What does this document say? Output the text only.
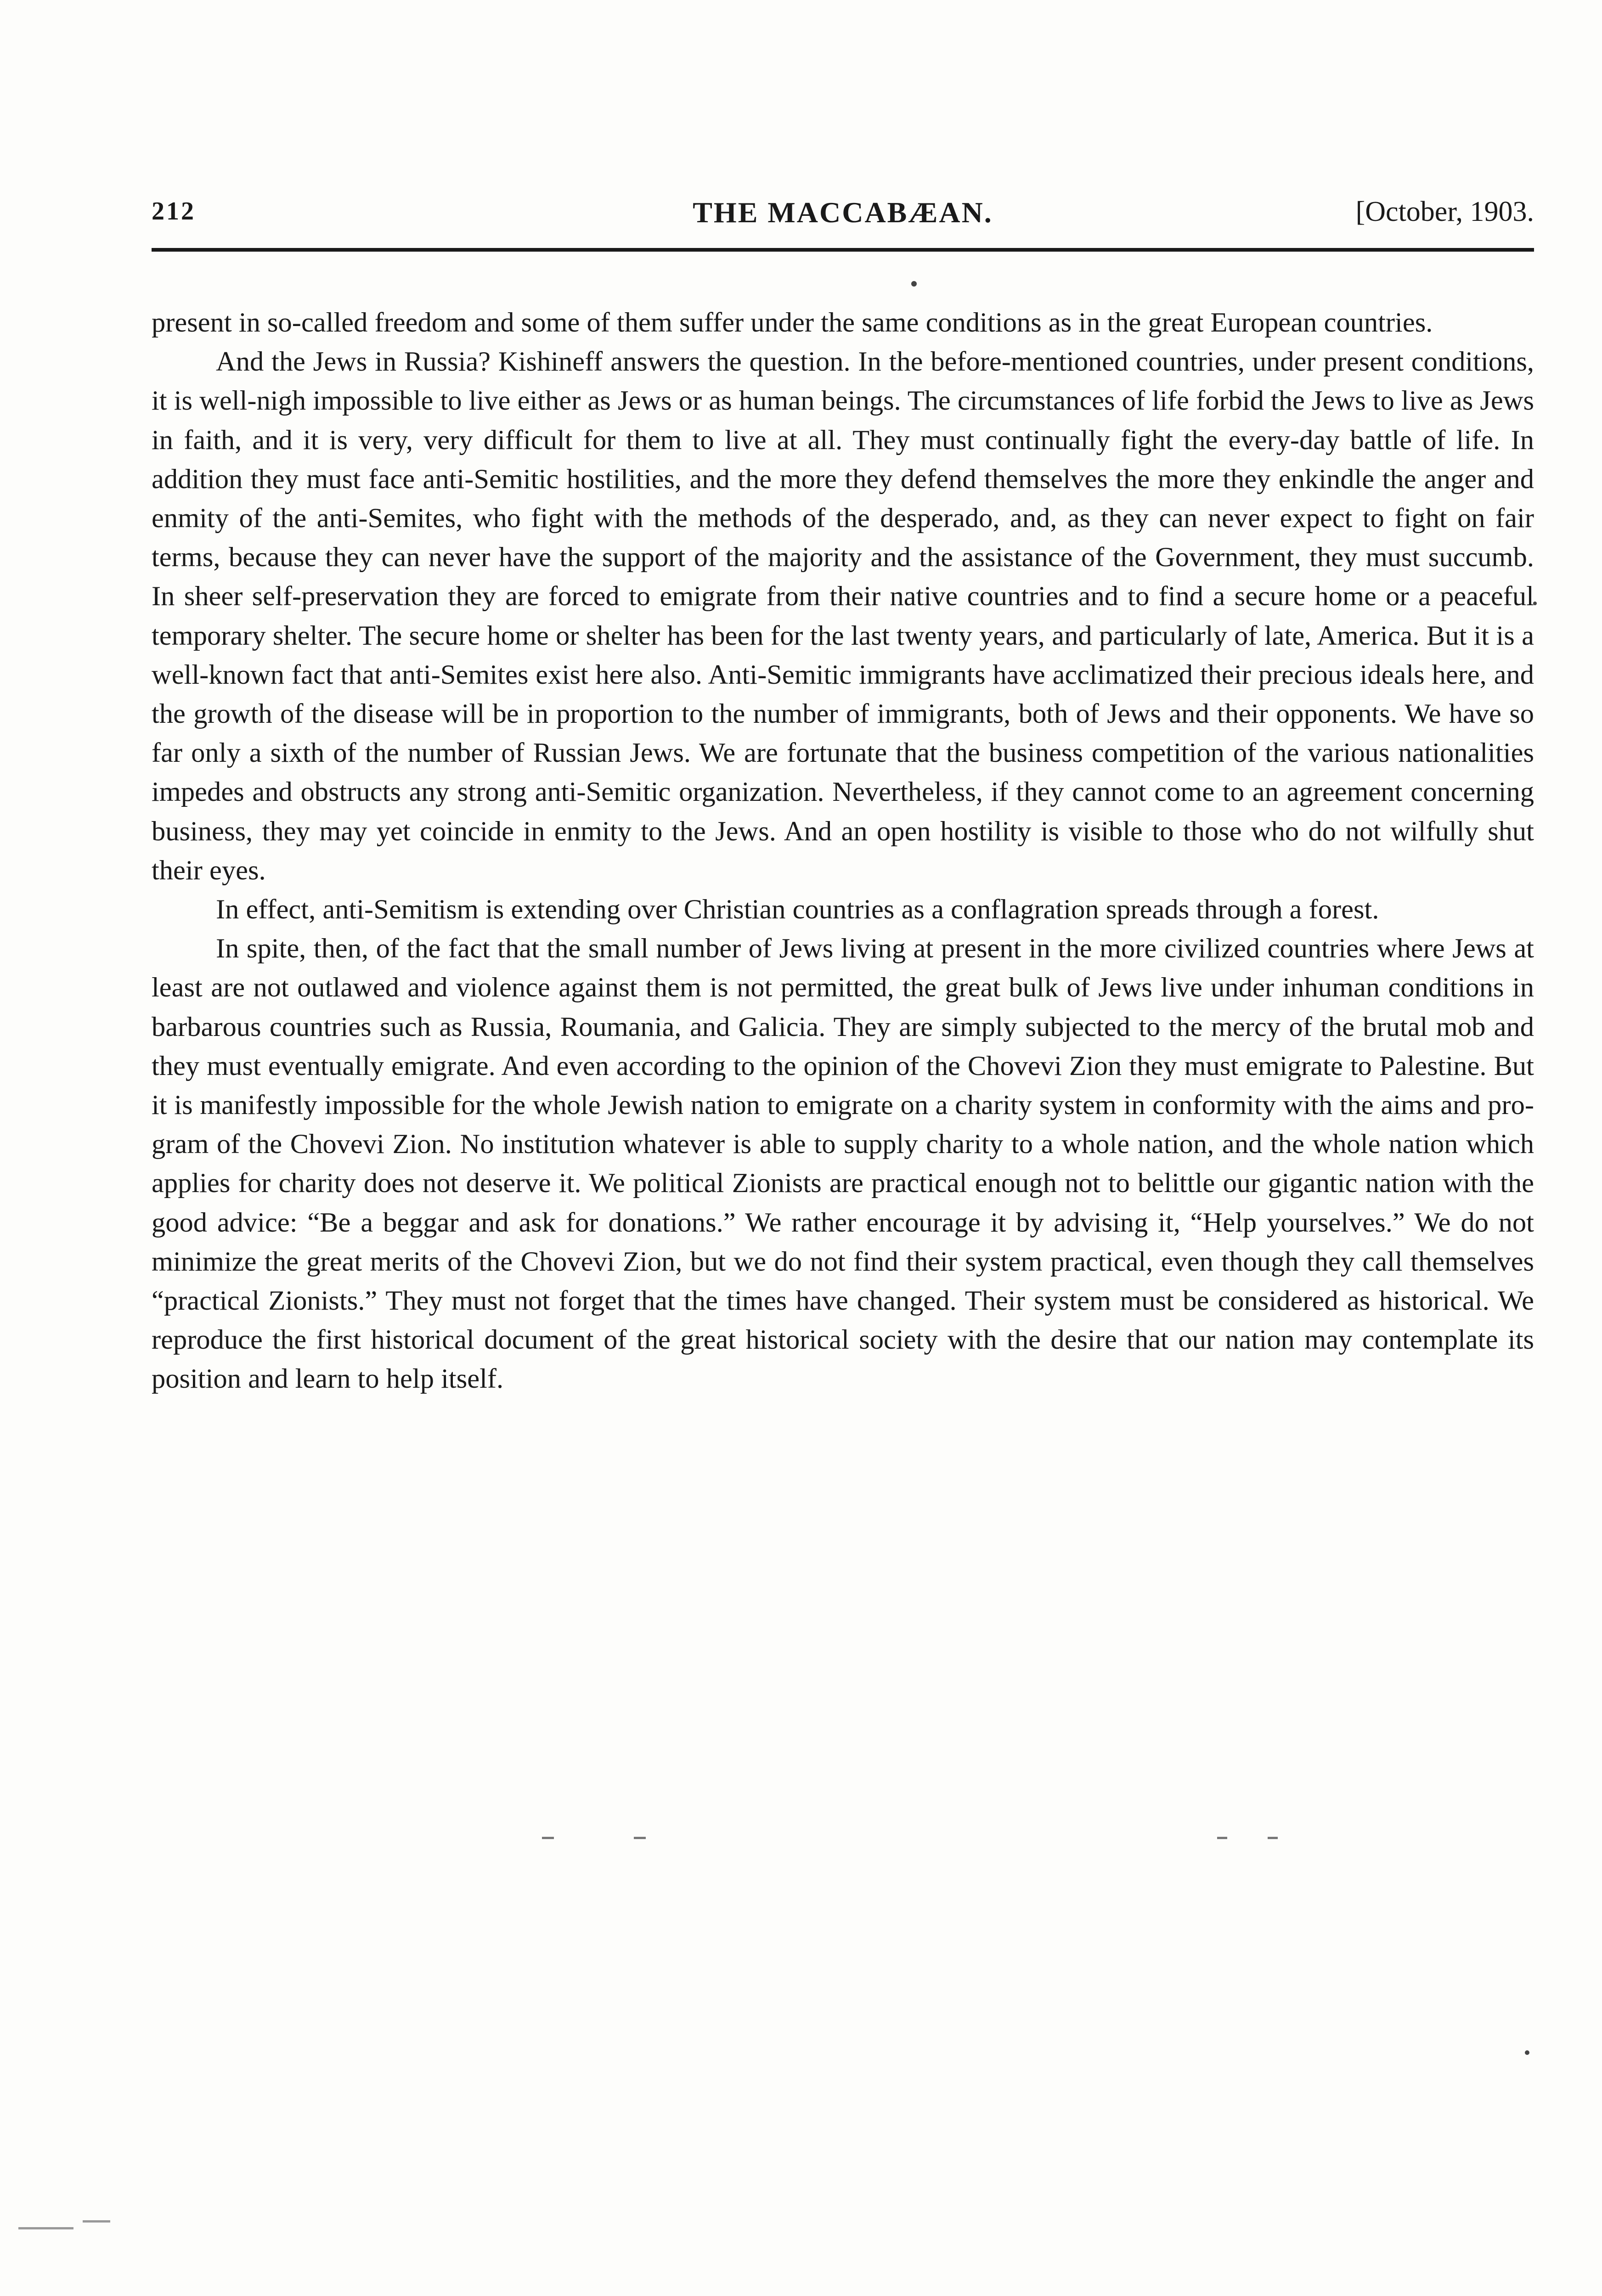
212	THE MACCABÆAN.	[October, 1903.

present in so-called freedom and some of them suffer under the same conditions as in the great European countries.

And the Jews in Russia? Kishineff answers the question. In the before-mentioned countries, under present conditions, it is well-nigh impossible to live either as Jews or as human beings. The circumstances of life forbid the Jews to live as Jews in faith, and it is very, very difficult for them to live at all. They must continually fight the every-day battle of life. In addition they must face anti-Semitic hostilities, and the more they defend themselves the more they enkindle the anger and enmity of the anti-Semites, who fight with the methods of the desperado, and, as they can never expect to fight on fair terms, because they can never have the support of the majority and the assistance of the Government, they must succumb. In sheer self-preservation they are forced to emigrate from their native countries and to find a secure home or a peaceful temporary shelter. The secure home or shelter has been for the last twenty years, and particularly of late, America. But it is a well-known fact that anti-Semites exist here also. Anti-Semitic immigrants have acclimatized their precious ideals here, and the growth of the disease will be in proportion to the number of immigrants, both of Jews and their opponents. We have so far only a sixth of the number of Russian Jews. We are fortunate that the business competition of the various nationalities impedes and obstructs any strong anti-Semitic organization. Nevertheless, if they cannot come to an agreement concerning business, they may yet coincide in enmity to the Jews. And an open hostility is visible to those who do not wilfully shut their eyes.

In effect, anti-Semitism is extending over Christian countries as a conflagration spreads through a forest.

In spite, then, of the fact that the small number of Jews living at present in the more civilized countries where Jews at least are not outlawed and violence against them is not permitted, the great bulk of Jews live under inhuman conditions in barbarous countries such as Russia, Roumania, and Galicia. They are simply subjected to the mercy of the brutal mob and they must eventually emigrate. And even according to the opinion of the Chovevi Zion they must emigrate to Palestine. But it is manifestly impossible for the whole Jewish nation to emigrate on a charity system in conformity with the aims and program of the Chovevi Zion. No institution whatever is able to supply charity to a whole nation, and the whole nation which applies for charity does not deserve it. We political Zionists are practical enough not to belittle our gigantic nation with the good advice: “Be a beggar and ask for donations.” We rather encourage it by advising it, “Help yourselves.” We do not minimize the great merits of the Chovevi Zion, but we do not find their system practical, even though they call themselves “practical Zionists.” They must not forget that the times have changed. Their system must be considered as historical. We reproduce the first historical document of the great historical society with the desire that our nation may contemplate its position and learn to help itself.
